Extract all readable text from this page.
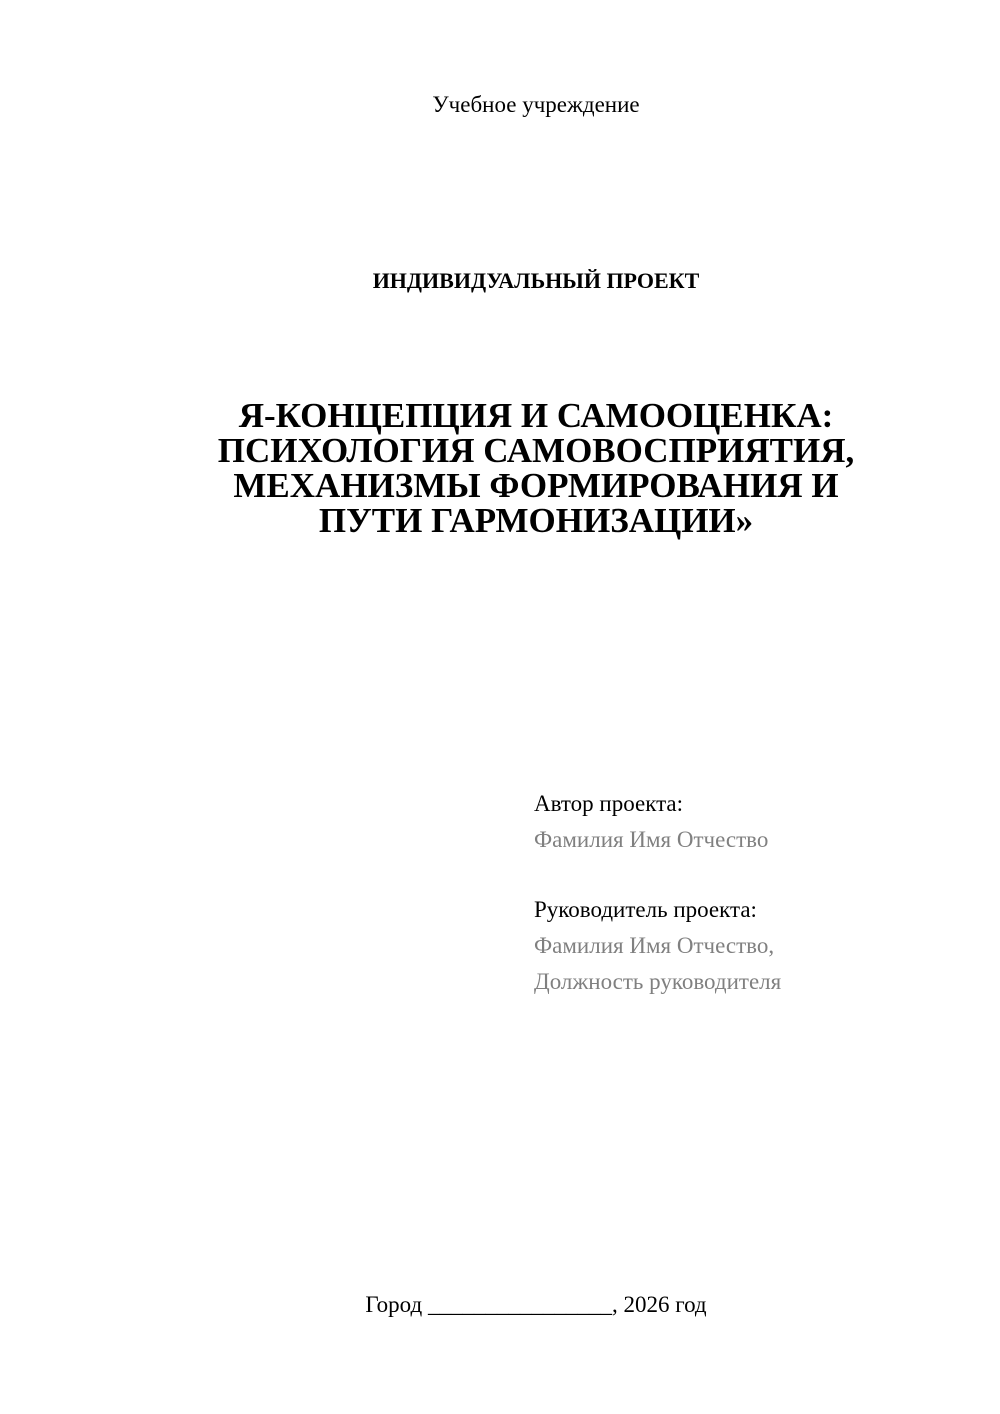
Учебное учреждение
ИНДИВИДУАЛЬНЫЙ ПРОЕКТ
Я-КОНЦЕПЦИЯ И САМООЦЕНКА:
ПСИХОЛОГИЯ САМОВОСПРИЯТИЯ,
МЕХАНИЗМЫ ФОРМИРОВАНИЯ И
ПУТИ ГАРМОНИЗАЦИИ»
Автор проекта:
Фамилия Имя Отчество
Руководитель проекта:
Фамилия Имя Отчество,
Должность руководителя
Город ________________, 2026 год
